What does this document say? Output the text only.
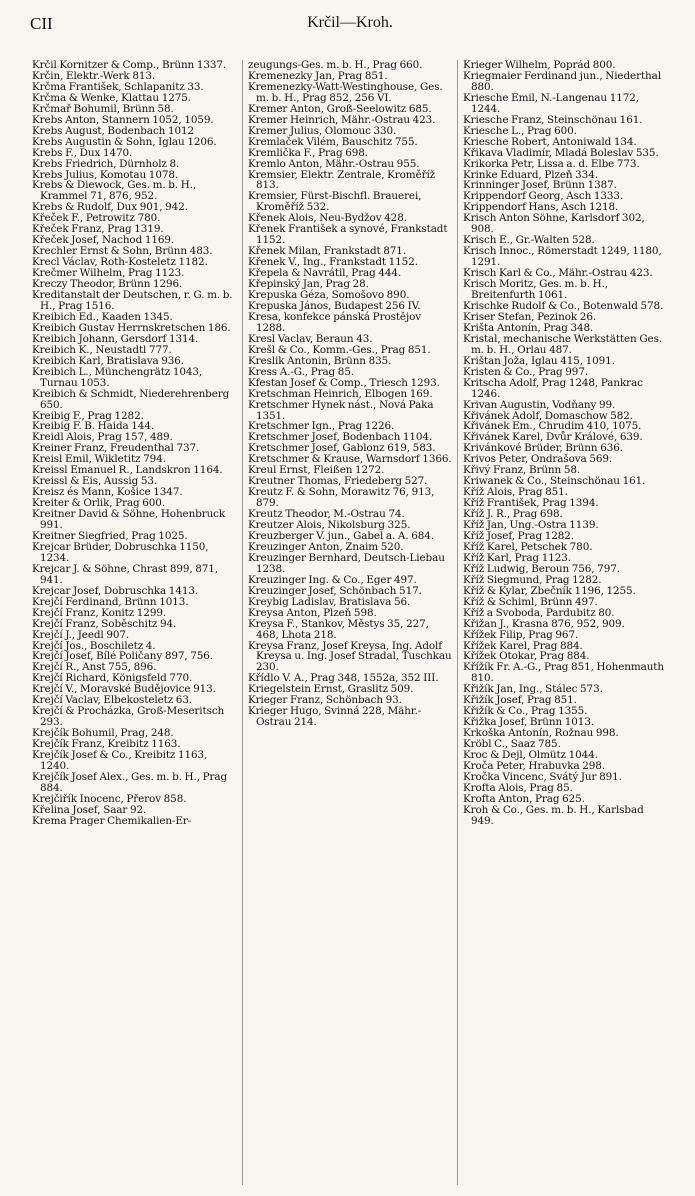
CII	Krčil—Kroh.
Krčil Kornitzer & Comp., Brünn 1337.
Krčin, Elektr.-Werk 813.
Krčma František, Schlapanitz 33.
Krčma & Wenke, Klattau 1275.
Krčmař Bohumil, Brünn 58.
Krebs Anton, Stannern 1052, 1059.
Krebs August, Bodenbach 1012
Krebs Augustin & Sohn, Iglau 1206.
Krebs F., Dux 1470.
Krebs Friedrich, Dürnholz 8.
Krebs Julius, Komotau 1078.
Krebs & Diewock, Ges. m. b. H., Krammel 71, 876, 952.
Krebs & Rudolf, Dux 901, 942.
Křeček F., Petrowitz 780.
Křeček Franz, Prag 1319.
Křeček Josef, Nachod 1169.
Krechler Ernst & Sohn, Brünn 483.
Krecl Václav, Roth-Kosteletz 1182.
Krečmer Wilhelm, Prag 1123.
Kreczy Theodor, Brünn 1296.
Kreditanstalt der Deutschen, r. G. m. b. H., Prag 1516.
Kreibich Ed., Kaaden 1345.
Kreibich Gustav Herrnskretschen 186.
Kreibich Johann, Gersdorf 1314.
Kreibich K., Neustadtl 777.
Kreibich Karl, Bratislava 936.
Kreibich L., Münchengrätz 1043, Turnau 1053.
Kreibich & Schmidt, Niederehrenberg 650.
Kreibig F., Prag 1282.
Kreibig F. B. Haida 144.
Kreidl Alois, Prag 157, 489.
Kreiner Franz, Freudenthal 737.
Kreisl Emil, Wikletitz 794.
Kreissl Emanuel R., Landskron 1164.
Kreissl & Eis, Aussig 53.
Kreisz és Mann, Košice 1347.
Kreiter & Orlik, Prag 600.
Kreitner David & Söhne, Hohenbruck 991.
Kreitner Siegfried, Prag 1025.
Krejcar Brüder, Dobruschka 1150, 1234.
Krejcar J. & Söhne, Chrast 899, 871, 941.
Krejcar Josef, Dobruschka 1413.
Krejčí Ferdinand, Brünn 1013.
Krejčí Franz, Konitz 1299.
Krejčí Franz, Soběschitz 94.
Krejčí J., Jeedl 907.
Krejčí Jos., Boschiletz 4.
Krejčí Josef, Bílé Poličany 897, 756.
Krejčí R., Anst 755, 896.
Krejčí Richard, Königsfeld 770.
Krejčí V., Moravské Budějovice 913.
Krejčí Vaclav, Elbekosteletz 63.
Krejčí & Procházka, Groß-Meseritsch 293.
Krejčík Bohumil, Prag, 248.
Krejčík Franz, Kreibitz 1163.
Krejčík Josef & Co., Kreibitz 1163, 1240.
Krejčík Josef Alex., Ges. m. b. H., Prag 884.
Krejčiřík Inocenc, Přerov 858.
Křelina Josef, Saar 92.
Krema Prager Chemikalien-Er-
zeugungs-Ges. m. b. H., Prag 660.
Kremenezky Jan, Prag 851.
Kremenezky-Watt-Westinghouse, Ges. m. b. H., Prag 852, 256 VI.
Kremer Anton, Groß-Seelowitz 685.
Kremer Heinrich, Mähr.-Ostrau 423.
Kremer Julius, Olomouc 330.
Kremlaček Vilém, Bauschitz 755.
Kremlička F., Prag 698.
Kremlo Anton, Mähr.-Ostrau 955.
Kremsier, Elektr. Zentrale, Kroměříž 813.
Kremsier, Fürst-Bischfl. Brauerei, Kroměříž 532.
Křenek Alois, Neu-Bydžov 428.
Křenek František a synové, Frankstadt 1152.
Křenek Milan, Frankstadt 871.
Křenek V., Ing., Frankstadt 1152.
Křepela & Navrátil, Prag 444.
Křepinský Jan, Prag 28.
Krepuska Géza, Somošovo 890.
Krepuska János, Budapest 256 IV.
Kresa, konfekce pánská Prostějov 1288.
Kresl Vaclav, Beraun 43.
Krešl & Co., Komm.-Ges., Prag 851.
Kreslik Antonin, Brünn 835.
Kress A.-G., Prag 85.
Kfestan Josef & Comp., Triesch 1293.
Kretschman Heinrich, Elbogen 169.
Kretschmer Hynek nást., Nová Paka 1351.
Kretschmer Ign., Prag 1226.
Kretschmer Josef, Bodenbach 1104.
Kretschmer Josef, Gablonz 619, 583.
Kretschmer & Krause, Warnsdorf 1366.
Kreul Ernst, Fleißen 1272.
Kreutner Thomas, Friedeberg 527.
Kreutz F. & Sohn, Morawitz 76, 913, 879.
Kreutz Theodor, M.-Ostrau 74.
Kreutzer Alois, Nikolsburg 325.
Kreuzberger V. jun., Gabel a. A. 684.
Kreuzinger Anton, Znaim 520.
Kreuzinger Bernhard, Deutsch-Liebau 1238.
Kreuzinger Ing. & Co., Eger 497.
Kreuzinger Josef, Schönbach 517.
Kreybig Ladislav, Bratislava 56.
Kreysa Anton, Plzeň 598.
Kreysa F., Stankov, Městys 35, 227, 468, Lhota 218.
Kreysa Franz, Josef Kreysa, Ing. Adolf Kreysa u. Ing. Josef Stradal, Tuschkau 230.
Křídlo V. A., Prag 348, 1552a, 352 III.
Kriegelstein Ernst, Graslitz 509.
Krieger Franz, Schönbach 93.
Krieger Hugo, Svinná 228, Mähr.-Ostrau 214.
Krieger Wilhelm, Poprád 800.
Kriegmaier Ferdinand jun., Niederthal 880.
Kriesche Emil, N.-Langenau 1172, 1244.
Kriesche Franz, Steinschönau 161.
Kriesche L., Prag 600.
Kriesche Robert, Antoniwald 134.
Křikava Vladimír, Mladá Boleslav 535.
Krikorka Petr, Lissa a. d. Elbe 773.
Krinke Eduard, Plzeň 334.
Krinninger Josef, Brünn 1387.
Krippendorf Georg, Asch 1333.
Krippendorf Hans, Asch 1218.
Krisch Anton Söhne, Karlsdorf 302, 908.
Krisch E., Gr.-Walten 528.
Krisch Innoc., Römerstadt 1249, 1180, 1291.
Krisch Karl & Co., Mähr.-Ostrau 423.
Krisch Moritz, Ges. m. b. H., Breitenfurth 1061.
Krischke Rudolf & Co., Botenwald 578.
Kriser Stefan, Pezinok 26.
Krišta Antonín, Prag 348.
Kristal, mechanische Werkstätten Ges. m. b. H., Orlau 487.
Krištan Joža, Iglau 415, 1091.
Kristen & Co., Prag 997.
Kritscha Adolf, Prag 1248, Pankrac 1246.
Krivan Augustin, Vodňany 99.
Křivánek Adolf, Domaschow 582.
Křivánek Em., Chrudim 410, 1075.
Křivánek Karel, Dvůr Králové, 639.
Krivánkové Brüder, Brünn 636.
Krivos Peter, Ondrašova 569.
Křivý Franz, Brünn 58.
Kriwanek & Co., Steinschönau 161.
Kříž Alois, Prag 851.
Kříž František, Prag 1394.
Kříž J. R., Prag 698.
Kříž Jan, Ung.-Ostra 1139.
Kříž Josef, Prag 1282.
Kříž Karel, Petschek 780.
Kříž Karl, Prag 1123.
Kříž Ludwig, Beroun 756, 797.
Kříž Siegmund, Prag 1282.
Kříž & Kylar, Zbečník 1196, 1255.
Kříž & Schiml, Brünn 497.
Kříž a Svoboda, Pardubitz 80.
Křižan J., Krasna 876, 952, 909.
Křížek Filip, Prag 967.
Křížek Karel, Prag 884.
Křížek Otokar, Prag 884.
Křížík Fr. A.-G., Prag 851, Hohenmauth 810.
Křižík Jan, Ing., Stálec 573.
Křižík Josef, Prag 851.
Křižík & Co., Prag 1355.
Křižka Josef, Brünn 1013.
Krkoška Antonín, Rožnau 998.
Kröbl C., Saaz 785.
Kroc & Dejl, Olmütz 1044.
Kroča Peter, Hrabuvka 298.
Kročka Vincenc, Svátý Jur 891.
Krofta Alois, Prag 85.
Krofta Anton, Prag 625.
Kroh & Co., Ges. m. b. H., Karlsbad 949.
